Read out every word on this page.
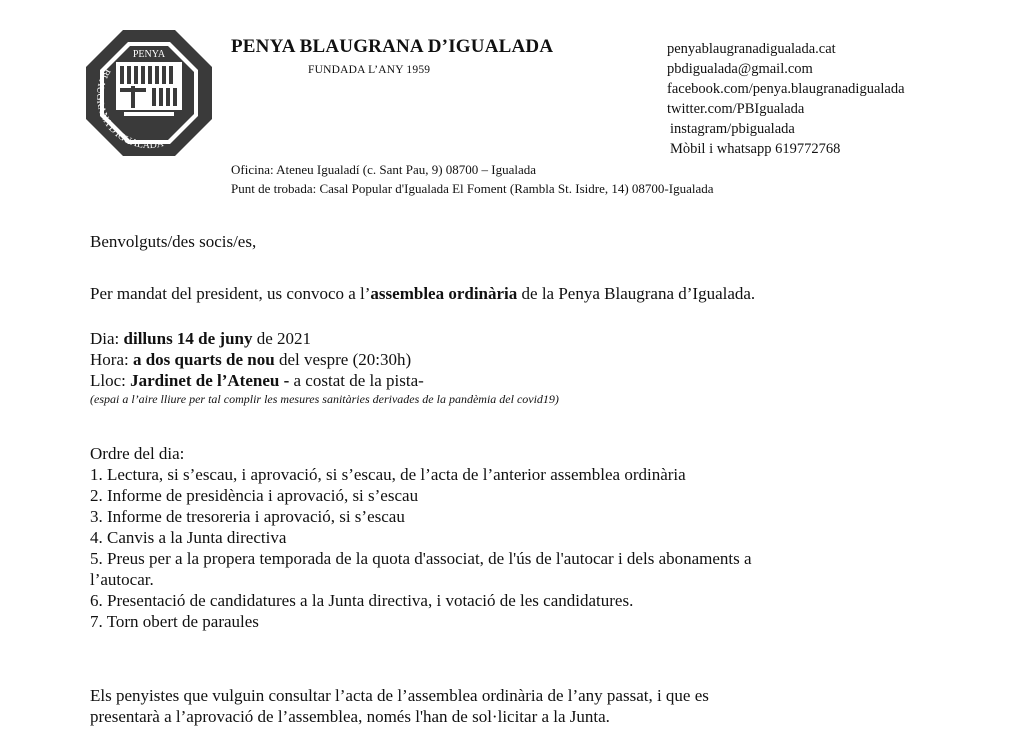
PENYA
BLAUGRANA D'IGUALADA
PENYA BLAUGRANA D’IGUALADA
FUNDADA L’ANY 1959
penyablaugranadigualada.cat
pbdigualada@gmail.com
facebook.com/penya.blaugranadigualada
twitter.com/PBIgualada
instagram/pbigualada
Mòbil i whatsapp 619772768
Oficina: Ateneu Igualadí (c. Sant Pau, 9) 08700 – Igualada
Punt de trobada: Casal Popular d'Igualada El Foment (Rambla St. Isidre, 14) 08700-Igualada
Benvolguts/des socis/es,
Per mandat del president, us convoco a l’assemblea ordinària de la Penya Blaugrana d’Igualada.
Dia: dilluns 14 de juny de 2021
Hora: a dos quarts de nou del vespre (20:30h)
Lloc: Jardinet de l’Ateneu - a costat de la pista-
(espai a l’aire lliure per tal complir les mesures sanitàries derivades de la pandèmia del covid19)
Ordre del dia:
1. Lectura, si s’escau, i aprovació, si s’escau, de l’acta de l’anterior assemblea ordinària
2. Informe de presidència i aprovació, si s’escau
3. Informe de tresoreria i aprovació, si s’escau
4. Canvis a la Junta directiva
5. Preus per a la propera temporada de la quota d'associat, de l'ús de l'autocar i dels abonaments a
l’autocar.
6. Presentació de candidatures a la Junta directiva, i votació de les candidatures.
7. Torn obert de paraules
Els penyistes que vulguin consultar l’acta de l’assemblea ordinària de l’any passat, i que es
presentarà a l’aprovació de l’assemblea, només l'han de sol·licitar a la Junta.
